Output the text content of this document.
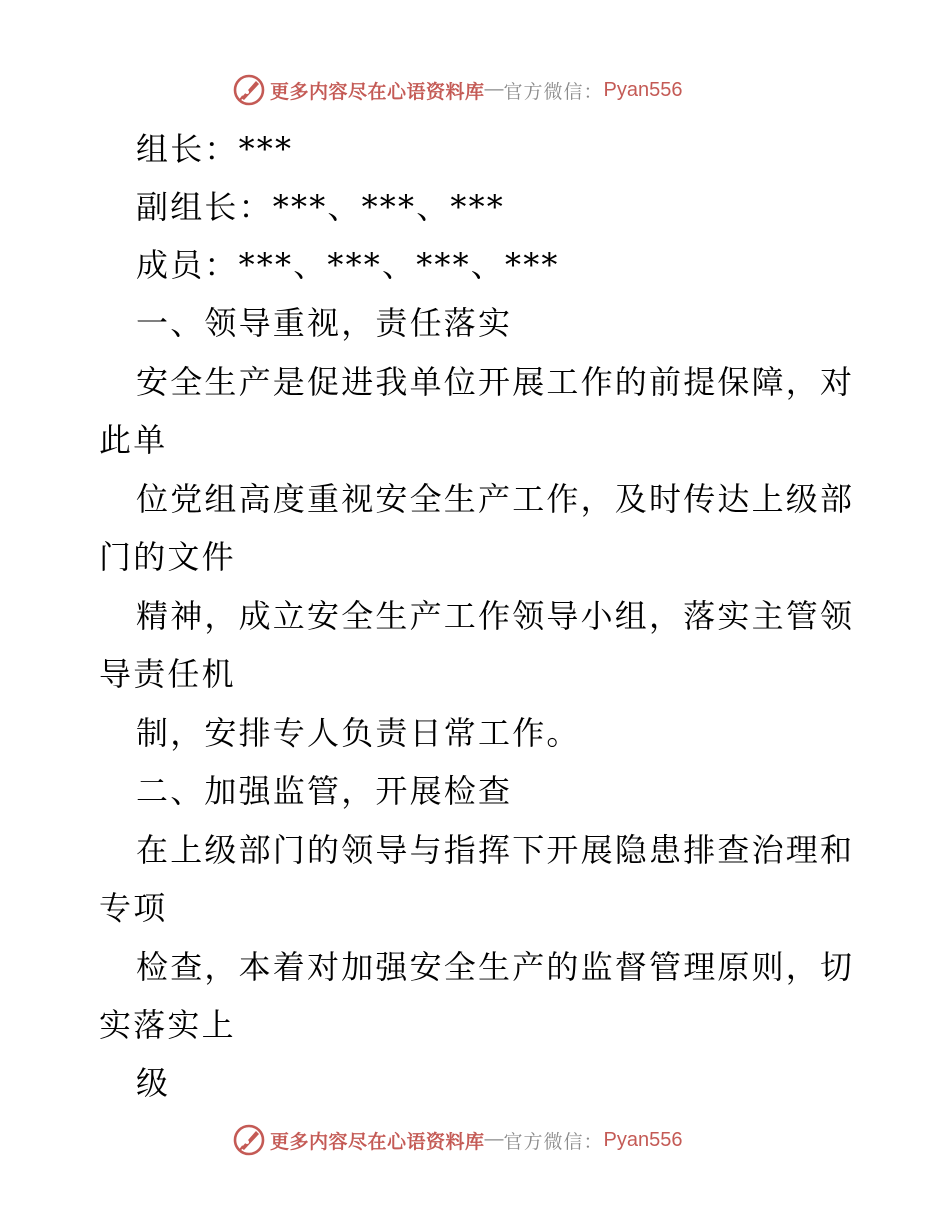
更多内容尽在心语资料库 — 官方微信： Pyan556
组长：***
副组长：***、***、***
成员：***、***、***、***
一、领导重视，责任落实
安全生产是促进我单位开展工作的前提保障，对
此单
位党组高度重视安全生产工作，及时传达上级部
门的文件
精神，成立安全生产工作领导小组，落实主管领
导责任机
制，安排专人负责日常工作。
二、加强监管，开展检查
在上级部门的领导与指挥下开展隐患排查治理和
专项
检查，本着对加强安全生产的监督管理原则，切
实落实上
级
更多内容尽在心语资料库 — 官方微信： Pyan556
